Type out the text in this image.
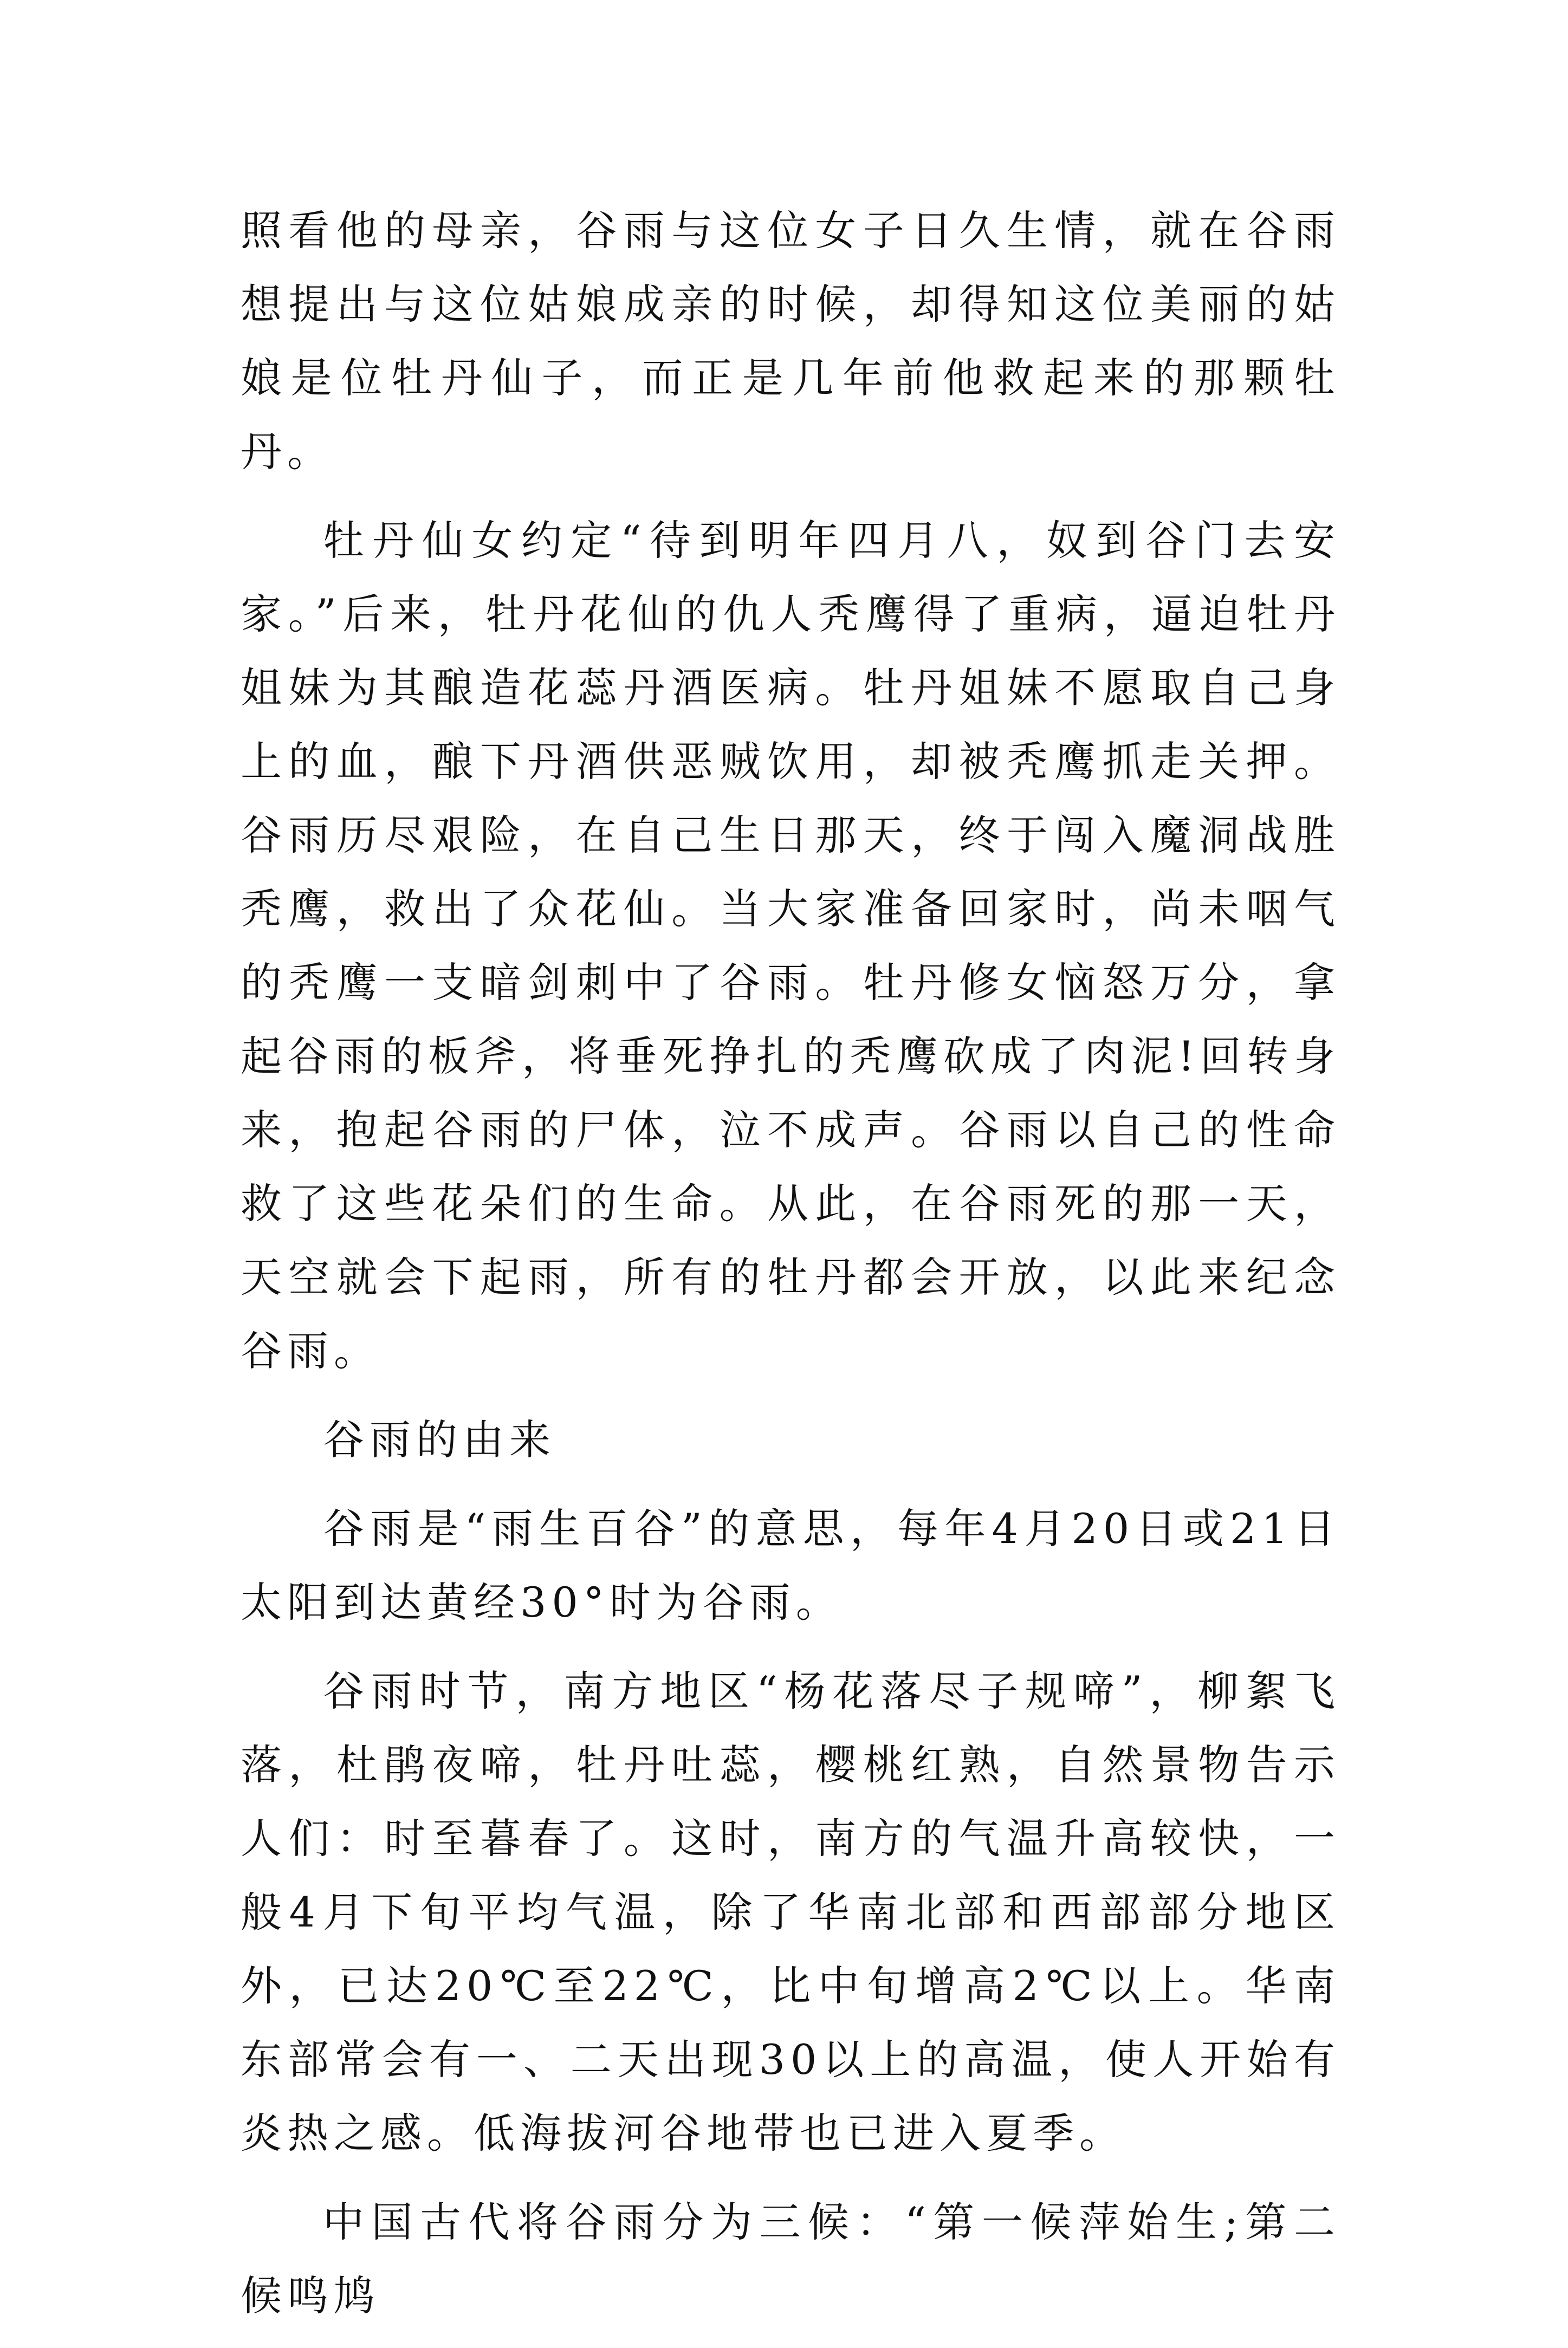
照看他的母亲，谷雨与这位女子日久生情，就在谷雨想提出与这位姑娘成亲的时候，却得知这位美丽的姑娘是位牡丹仙子，而正是几年前他救起来的那颗牡丹。

牡丹仙女约定“待到明年四月八，奴到谷门去安家。”后来，牡丹花仙的仇人秃鹰得了重病，逼迫牡丹姐妹为其酿造花蕊丹酒医病。牡丹姐妹不愿取自己身上的血，酿下丹酒供恶贼饮用，却被秃鹰抓走关押。谷雨历尽艰险，在自己生日那天，终于闯入魔洞战胜秃鹰，救出了众花仙。当大家准备回家时，尚未咽气的秃鹰一支暗剑刺中了谷雨。牡丹修女恼怒万分，拿起谷雨的板斧，将垂死挣扎的秃鹰砍成了肉泥!回转身来，抱起谷雨的尸体，泣不成声。谷雨以自己的性命救了这些花朵们的生命。从此，在谷雨死的那一天，天空就会下起雨，所有的牡丹都会开放，以此来纪念谷雨。

谷雨的由来

谷雨是“雨生百谷”的意思，每年4月20日或21日太阳到达黄经30°时为谷雨。

谷雨时节，南方地区“杨花落尽子规啼”，柳絮飞落，杜鹃夜啼，牡丹吐蕊，樱桃红熟，自然景物告示人们：时至暮春了。这时，南方的气温升高较快，一般4月下旬平均气温，除了华南北部和西部部分地区外，已达20℃至22℃，比中旬增高2℃以上。华南东部常会有一、二天出现30以上的高温，使人开始有炎热之感。低海拔河谷地带也已进入夏季。

中国古代将谷雨分为三候：“第一候萍始生;第二候鸣鸠
